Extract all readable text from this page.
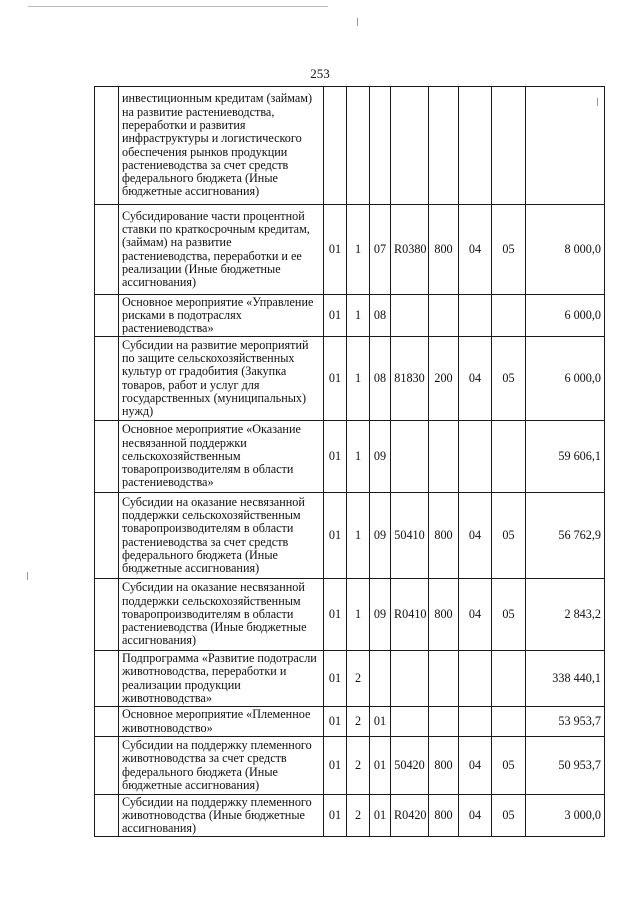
253
	инвестиционным кредитам (займам) на развитие растениеводства, переработки и развития инфраструктуры и логистического обеспечения рынков продукции растениеводства за счет средств федерального бюджета (Иные бюджетные ассигнования)								
	Субсидирование части процентной ставки по краткосрочным кредитам, (займам) на развитие растениеводства, переработки и ее реализации (Иные бюджетные ассигнования)	01	1	07	R0380	800	04	05	8 000,0
	Основное мероприятие «Управление рисками в подотраслях растениеводства»	01	1	08					6 000,0
	Субсидии на развитие мероприятий по защите сельскохозяйственных культур от градобития (Закупка товаров, работ и услуг для государственных (муниципальных) нужд)	01	1	08	81830	200	04	05	6 000,0
	Основное мероприятие «Оказание несвязанной поддержки сельскохозяйственным товаропроизводителям в области растениеводства»	01	1	09					59 606,1
	Субсидии на оказание несвязанной поддержки сельскохозяйственным товаропроизводителям в области растениеводства за счет средств федерального бюджета (Иные бюджетные ассигнования)	01	1	09	50410	800	04	05	56 762,9
	Субсидии на оказание несвязанной поддержки сельскохозяйственным товаропроизводителям в области растениеводства (Иные бюджетные ассигнования)	01	1	09	R0410	800	04	05	2 843,2
	Подпрограмма «Развитие подотрасли животноводства, переработки и реализации продукции животноводства»	01	2						338 440,1
	Основное мероприятие «Племенное животноводство»	01	2	01					53 953,7
	Субсидии на поддержку племенного животноводства за счет средств федерального бюджета (Иные бюджетные ассигнования)	01	2	01	50420	800	04	05	50 953,7
	Субсидии на поддержку племенного животноводства (Иные бюджетные ассигнования)	01	2	01	R0420	800	04	05	3 000,0
